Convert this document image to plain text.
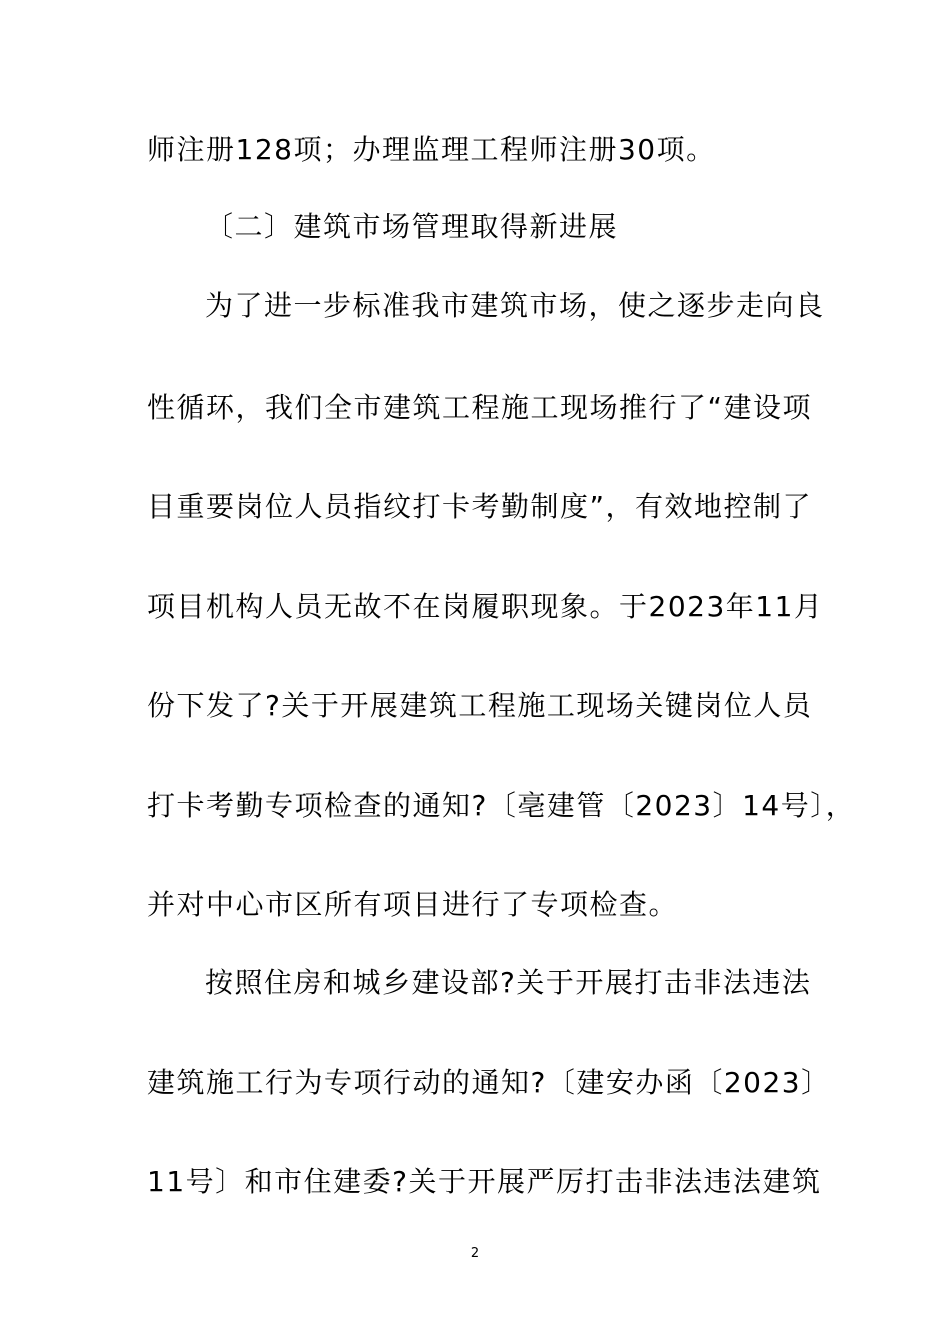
师注册128项；办理监理工程师注册30项。
〔二〕建筑市场管理取得新进展
为了进一步标准我市建筑市场，使之逐步走向良
性循环，我们全市建筑工程施工现场推行了“建设项
目重要岗位人员指纹打卡考勤制度”，有效地控制了
项目机构人员无故不在岗履职现象。于2023年11月
份下发了?关于开展建筑工程施工现场关键岗位人员
打卡考勤专项检查的通知?〔亳建管〔2023〕14号〕，
并对中心市区所有项目进行了专项检查。
按照住房和城乡建设部?关于开展打击非法违法
建筑施工行为专项行动的通知?〔建安办函〔2023〕
11号〕和市住建委?关于开展严厉打击非法违法建筑
2
